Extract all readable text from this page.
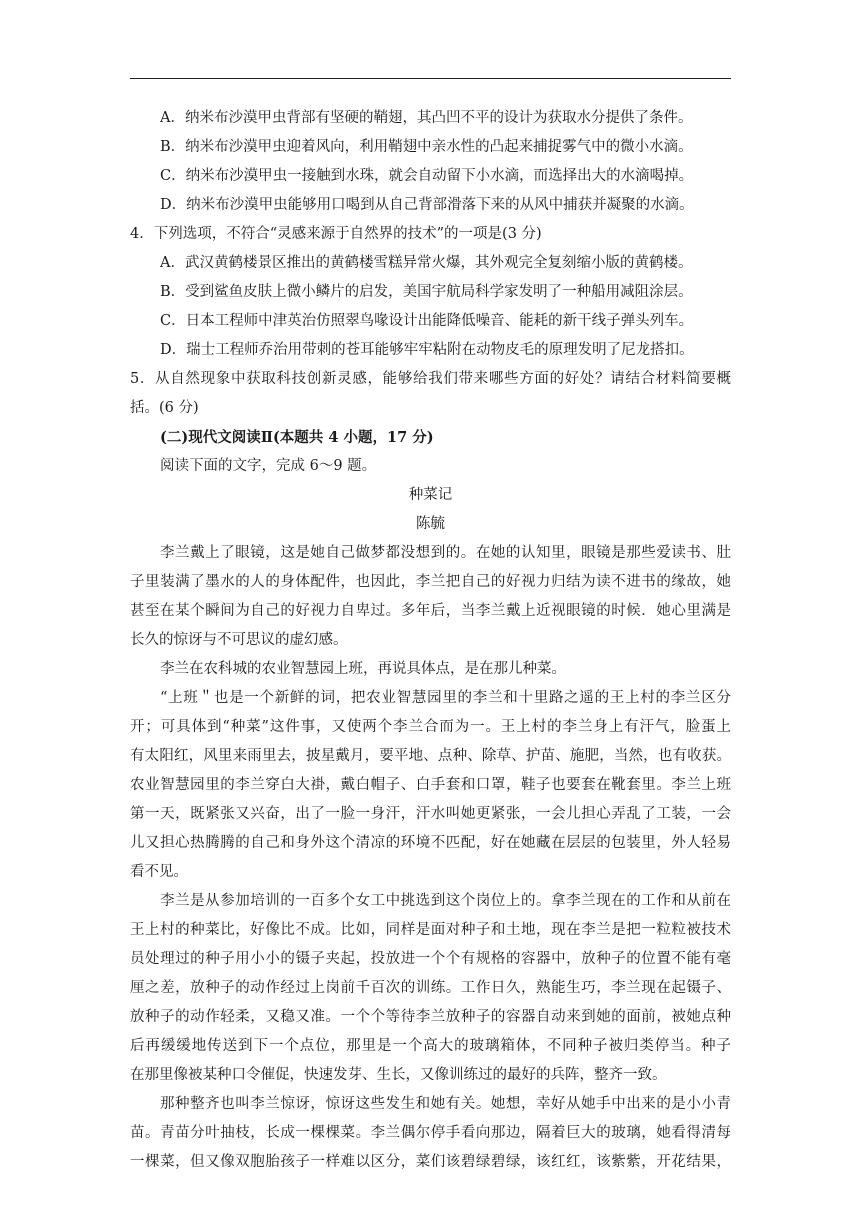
A．纳米布沙漠甲虫背部有坚硬的鞘翅，其凸凹不平的设计为获取水分提供了条件。
B．纳米布沙漠甲虫迎着风向，利用鞘翅中亲水性的凸起来捕捉雾气中的微小水滴。
C．纳米布沙漠甲虫一接触到水珠，就会自动留下小水滴，而选择出大的水滴喝掉。
D．纳米布沙漠甲虫能够用口喝到从自己背部滑落下来的从风中捕获并凝聚的水滴。
4．下列选项，不符合“灵感来源于自然界的技术”的一项是(3 分)
A．武汉黄鹤楼景区推出的黄鹤楼雪糕异常火爆，其外观完全复刻缩小版的黄鹤楼。
B．受到鲨鱼皮肤上微小鳞片的启发，美国宇航局科学家发明了一种船用减阻涂层。
C．日本工程师中津英治仿照翠鸟喙设计出能降低噪音、能耗的新干线子弹头列车。
D．瑞士工程师乔治用带刺的苍耳能够牢牢粘附在动物皮毛的原理发明了尼龙搭扣。
5．从自然现象中获取科技创新灵感，能够给我们带来哪些方面的好处？请结合材料简要概
括。(6 分)
(二)现代文阅读Ⅱ(本题共 4 小题，17 分)
阅读下面的文字，完成 6～9 题。
种菜记
陈毓
李兰戴上了眼镜，这是她自己做梦都没想到的。在她的认知里，眼镜是那些爱读书、肚
子里装满了墨水的人的身体配件，也因此，李兰把自己的好视力归结为读不进书的缘故，她
甚至在某个瞬间为自己的好视力自卑过。多年后，当李兰戴上近视眼镜的时候．她心里满是
长久的惊讶与不可思议的虚幻感。
李兰在农科城的农业智慧园上班，再说具体点，是在那儿种菜。
“上班＂也是一个新鲜的词，把农业智慧园里的李兰和十里路之遥的王上村的李兰区分
开；可具体到“种菜”这件事，又使两个李兰合而为一。王上村的李兰身上有汗气，脸蛋上
有太阳红，风里来雨里去，披星戴月，要平地、点种、除草、护苗、施肥，当然，也有收获。
农业智慧园里的李兰穿白大褂，戴白帽子、白手套和口罩，鞋子也要套在靴套里。李兰上班
第一天，既紧张又兴奋，出了一脸一身汗，汗水叫她更紧张，一会儿担心弄乱了工装，一会
儿又担心热腾腾的自己和身外这个清凉的环境不匹配，好在她藏在层层的包装里，外人轻易
看不见。
李兰是从参加培训的一百多个女工中挑选到这个岗位上的。拿李兰现在的工作和从前在
王上村的种菜比，好像比不成。比如，同样是面对种子和土地，现在李兰是把一粒粒被技术
员处理过的种子用小小的镊子夹起，投放进一个个有规格的容器中，放种子的位置不能有毫
厘之差，放种子的动作经过上岗前千百次的训练。工作日久，熟能生巧，李兰现在起镊子、
放种子的动作轻柔，又稳又准。一个个等待李兰放种子的容器自动来到她的面前，被她点种
后再缓缓地传送到下一个点位，那里是一个高大的玻璃箱体，不同种子被归类停当。种子
在那里像被某种口令催促，快速发芽、生长，又像训练过的最好的兵阵，整齐一致。
那种整齐也叫李兰惊讶，惊讶这些发生和她有关。她想，幸好从她手中出来的是小小青
苗。青苗分叶抽枝，长成一棵棵菜。李兰偶尔停手看向那边，隔着巨大的玻璃，她看得清每
一棵菜，但又像双胞胎孩子一样难以区分，菜们该碧绿碧绿，该红红，该紫紫，开花结果，
